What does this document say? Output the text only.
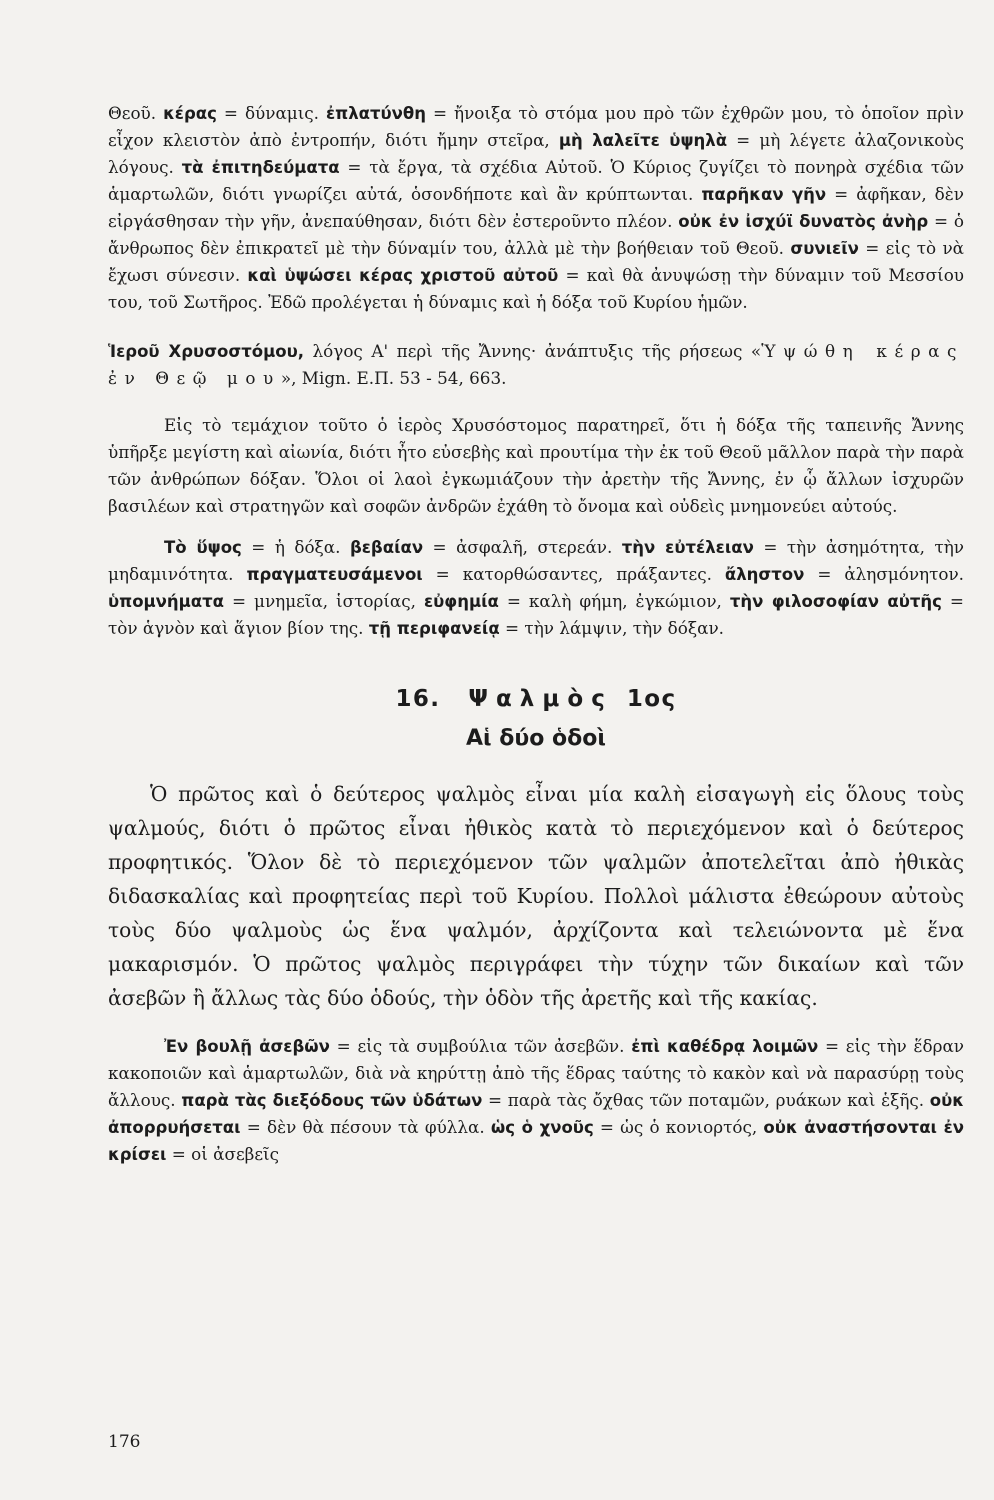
Θεοῦ. κέρας = δύναμις. ἐπλατύνθη = ἤνοιξα τὸ στόμα μου πρὸ τῶν ἐχθρῶν μου, τὸ ὁποῖον πρὶν εἶχον κλειστὸν ἀπὸ ἐντροπήν, διότι ἤμην στεῖρα, μὴ λαλεῖτε ὑψηλὰ = μὴ λέγετε ἀλαζονικοὺς λόγους. τὰ ἐπιτηδεύματα = τὰ ἔργα, τὰ σχέδια Αὐτοῦ. Ὁ Κύριος ζυγίζει τὸ πονηρὰ σχέδια τῶν ἁμαρτωλῶν, διότι γνωρίζει αὐτά, ὁσονδήποτε καὶ ἂν κρύπτωνται. παρῆκαν γῆν = ἀφῆκαν, δὲν εἰργάσθησαν τὴν γῆν, ἀνεπαύθησαν, διότι δὲν ἐστεροῦντο πλέον. οὐκ ἐν ἰσχύϊ δυνατὸς ἀνὴρ = ὁ ἄνθρωπος δὲν ἐπικρατεῖ μὲ τὴν δύναμίν του, ἀλλὰ μὲ τὴν βοήθειαν τοῦ Θεοῦ. συνιεῖν = εἰς τὸ νὰ ἔχωσι σύνεσιν. καὶ ὑψώσει κέρας χριστοῦ αὐτοῦ = καὶ θὰ ἀνυψώσῃ τὴν δύναμιν τοῦ Μεσσίου του, τοῦ Σωτῆρος. Ἐδῶ προλέγεται ἡ δύναμις καὶ ἡ δόξα τοῦ Κυρίου ἡμῶν.

Ἱεροῦ Χρυσοστόμου, λόγος Α' περὶ τῆς Ἄννης· ἀνάπτυξις τῆς ρήσεως «Ὑψώθη κέρας ἐν Θεῷ μου», Mign. Ε.Π. 53 - 54, 663.

Εἰς τὸ τεμάχιον τοῦτο ὁ ἱερὸς Χρυσόστομος παρατηρεῖ, ὅτι ἡ δόξα τῆς ταπεινῆς Ἄννης ὑπῆρξε μεγίστη καὶ αἰωνία, διότι ἦτο εὐσεβὴς καὶ προυτίμα τὴν ἐκ τοῦ Θεοῦ μᾶλλον παρὰ τὴν παρὰ τῶν ἀνθρώπων δόξαν. Ὅλοι οἱ λαοὶ ἐγκωμιάζουν τὴν ἀρετὴν τῆς Ἄννης, ἐν ᾧ ἄλλων ἰσχυρῶν βασιλέων καὶ στρατηγῶν καὶ σοφῶν ἀνδρῶν ἐχάθη τὸ ὄνομα καὶ οὐδεὶς μνημονεύει αὐτούς.

Τὸ ὕψος = ἡ δόξα. βεβαίαν = ἀσφαλῆ, στερεάν. τὴν εὐτέλειαν = τὴν ἀσημότητα, τὴν μηδαμινότητα. πραγματευσάμενοι = κατορθώσαντες, πράξαντες. ἄληστον = ἀλησμόνητον. ὑπομνήματα = μνημεῖα, ἱστορίας, εὐφημία = καλὴ φήμη, ἐγκώμιον, τὴν φιλοσοφίαν αὐτῆς = τὸν ἁγνὸν καὶ ἅγιον βίον της. τῇ περιφανείᾳ = τὴν λάμψιν, τὴν δόξαν.

16. Ψαλμὸς 1ος
Αἱ δύο ὁδοὶ

Ὁ πρῶτος καὶ ὁ δεύτερος ψαλμὸς εἶναι μία καλὴ εἰσαγωγὴ εἰς ὅλους τοὺς ψαλμούς, διότι ὁ πρῶτος εἶναι ἠθικὸς κατὰ τὸ περιεχόμενον καὶ ὁ δεύτερος προφητικός. Ὅλον δὲ τὸ περιεχόμενον τῶν ψαλμῶν ἀποτελεῖται ἀπὸ ἠθικὰς διδασκαλίας καὶ προφητείας περὶ τοῦ Κυρίου. Πολλοὶ μάλιστα ἐθεώρουν αὐτοὺς τοὺς δύο ψαλμοὺς ὡς ἕνα ψαλμόν, ἀρχίζοντα καὶ τελειώνοντα μὲ ἕνα μακαρισμόν. Ὁ πρῶτος ψαλμὸς περιγράφει τὴν τύχην τῶν δικαίων καὶ τῶν ἀσεβῶν ἢ ἄλλως τὰς δύο ὁδούς, τὴν ὁδὸν τῆς ἀρετῆς καὶ τῆς κακίας.

Ἐν βουλῇ ἀσεβῶν = εἰς τὰ συμβούλια τῶν ἀσεβῶν. ἐπὶ καθέδρᾳ λοιμῶν = εἰς τὴν ἕδραν κακοποιῶν καὶ ἁμαρτωλῶν, διὰ νὰ κηρύττῃ ἀπὸ τῆς ἕδρας ταύτης τὸ κακὸν καὶ νὰ παρασύρῃ τοὺς ἄλλους. παρὰ τὰς διεξόδους τῶν ὑδάτων = παρὰ τὰς ὄχθας τῶν ποταμῶν, ρυάκων καὶ ἑξῆς. οὐκ ἀπορρυήσεται = δὲν θὰ πέσουν τὰ φύλλα. ὡς ὁ χνοῦς = ὡς ὁ κονιορτός, οὐκ ἀναστήσονται ἐν κρίσει = οἱ ἀσεβεῖς

176
